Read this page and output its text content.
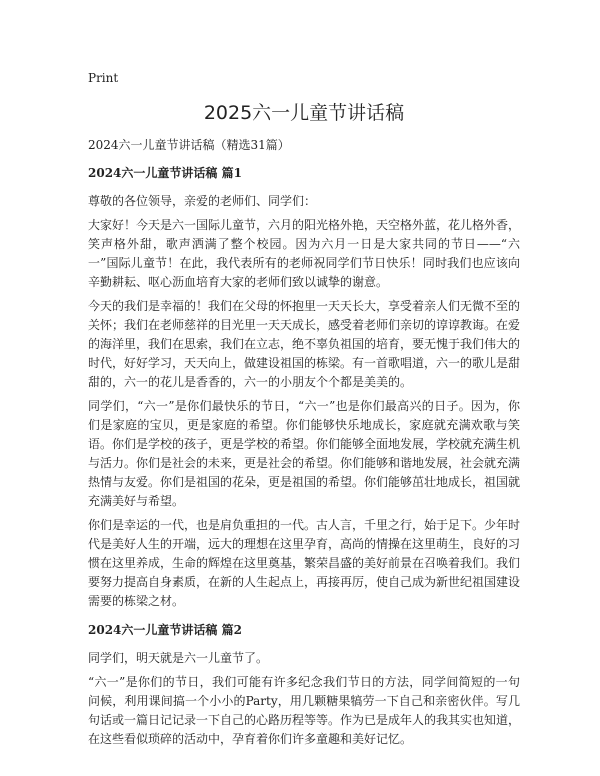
Print
2025六一儿童节讲话稿
2024六一儿童节讲话稿（精选31篇）
2024六一儿童节讲话稿 篇1

尊敬的各位领导，亲爱的老师们、同学们：

大家好！今天是六一国际儿童节，六月的阳光格外艳，天空格外蓝，花儿格外香，笑声格外甜，歌声洒满了整个校园。因为六月一日是大家共同的节日——“六一”国际儿童节！在此，我代表所有的老师祝同学们节日快乐！同时我们也应该向辛勤耕耘、呕心沥血培育大家的老师们致以诚挚的谢意。

今天的我们是幸福的！我们在父母的怀抱里一天天长大，享受着亲人们无微不至的关怀；我们在老师慈祥的目光里一天天成长，感受着老师们亲切的谆谆教诲。在爱的海洋里，我们在思索，我们在立志，绝不辜负祖国的培育，要无愧于我们伟大的时代，好好学习，天天向上，做建设祖国的栋梁。有一首歌唱道，六一的歌儿是甜甜的，六一的花儿是香香的，六一的小朋友个个都是美美的。

同学们，“六一”是你们最快乐的节日，“六一”也是你们最高兴的日子。因为，你们是家庭的宝贝，更是家庭的希望。你们能够快乐地成长，家庭就充满欢歌与笑语。你们是学校的孩子，更是学校的希望。你们能够全面地发展，学校就充满生机与活力。你们是社会的未来，更是社会的希望。你们能够和谐地发展，社会就充满热情与友爱。你们是祖国的花朵，更是祖国的希望。你们能够茁壮地成长，祖国就充满美好与希望。

你们是幸运的一代，也是肩负重担的一代。古人言，千里之行，始于足下。少年时代是美好人生的开端，远大的理想在这里孕育，高尚的情操在这里萌生，良好的习惯在这里养成，生命的辉煌在这里奠基，繁荣昌盛的美好前景在召唤着我们。我们要努力提高自身素质，在新的人生起点上，再接再厉，使自己成为新世纪祖国建设需要的栋梁之材。

2024六一儿童节讲话稿 篇2

同学们，明天就是六一儿童节了。

“六一”是你们的节日，我们可能有许多纪念我们节日的方法，同学间简短的一句问候，利用课间搞一个小小的Party，用几颗糖果犒劳一下自己和亲密伙伴。写几句话或一篇日记记录一下自己的心路历程等等。作为已是成年人的我其实也知道，在这些看似琐碎的活动中，孕育着你们许多童趣和美好记忆。
